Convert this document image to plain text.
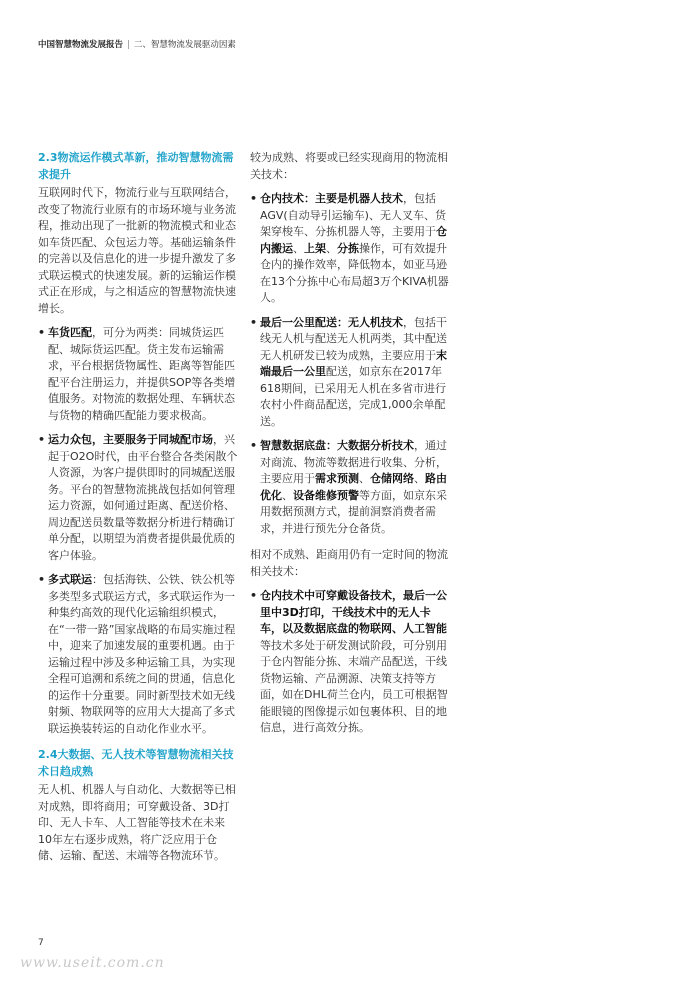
中国智慧物流发展报告 | 二、智慧物流发展驱动因素
2.3物流运作模式革新，推动智慧物流需求提升

互联网时代下，物流行业与互联网结合，改变了物流行业原有的市场环境与业务流程，推动出现了一批新的物流模式和业态如车货匹配、众包运力等。基础运输条件的完善以及信息化的进一步提升激发了多式联运模式的快速发展。新的运输运作模式正在形成，与之相适应的智慧物流快速增长。

• 车货匹配，可分为两类：同城货运匹配、城际货运匹配。货主发布运输需求，平台根据货物属性、距离等智能匹配平台注册运力，并提供SOP等各类增值服务。对物流的数据处理、车辆状态与货物的精确匹配能力要求极高。
• 运力众包，主要服务于同城配市场，兴起于O2O时代，由平台整合各类闲散个人资源，为客户提供即时的同城配送服务。平台的智慧物流挑战包括如何管理运力资源，如何通过距离、配送价格、周边配送员数量等数据分析进行精确订单分配，以期望为消费者提供最优质的客户体验。
• 多式联运：包括海铁、公铁、铁公机等多类型多式联运方式，多式联运作为一种集约高效的现代化运输组织模式，在“一带一路”国家战略的布局实施过程中，迎来了加速发展的重要机遇。由于运输过程中涉及多种运输工具，为实现全程可追溯和系统之间的贯通，信息化的运作十分重要。同时新型技术如无线射频、物联网等的应用大大提高了多式联运换装转运的自动化作业水平。
2.4大数据、无人技术等智慧物流相关技术日趋成熟

无人机、机器人与自动化、大数据等已相对成熟，即将商用；可穿戴设备、3D打印、无人卡车、人工智能等技术在未来10年左右逐步成熟，将广泛应用于仓储、运输、配送、末端等各物流环节。

较为成熟、将要或已经实现商用的物流相关技术：

• 仓内技术：主要是机器人技术，包括AGV(自动导引运输车)、无人叉车、货架穿梭车、分拣机器人等，主要用于仓内搬运、上架、分拣操作，可有效提升仓内的操作效率，降低物本，如亚马逊在13个分拣中心布局超3万个KIVA机器人。
• 最后一公里配送：无人机技术，包括干线无人机与配送无人机两类，其中配送无人机研发已较为成熟，主要应用于末端最后一公里配送，如京东在2017年618期间，已采用无人机在多省市进行农村小件商品配送，完成1,000余单配送。
• 智慧数据底盘：大数据分析技术，通过对商流、物流等数据进行收集、分析，主要应用于需求预测、仓储网络、路由优化、设备维修预警等方面，如京东采用数据预测方式，提前洞察消费者需求，并进行预先分仓备货。

相对不成熟、距商用仍有一定时间的物流相关技术：

• 仓内技术中可穿戴设备技术，最后一公里中3D打印，干线技术中的无人卡车，以及数据底盘的物联网、人工智能等技术多处于研发测试阶段，可分别用于仓内智能分拣、末端产品配送，干线货物运输、产品溯源、决策支持等方面，如在DHL荷兰仓内，员工可根据智能眼镜的图像提示如包裹体积、目的地信息，进行高效分拣。
7
www.useit.com.cn
